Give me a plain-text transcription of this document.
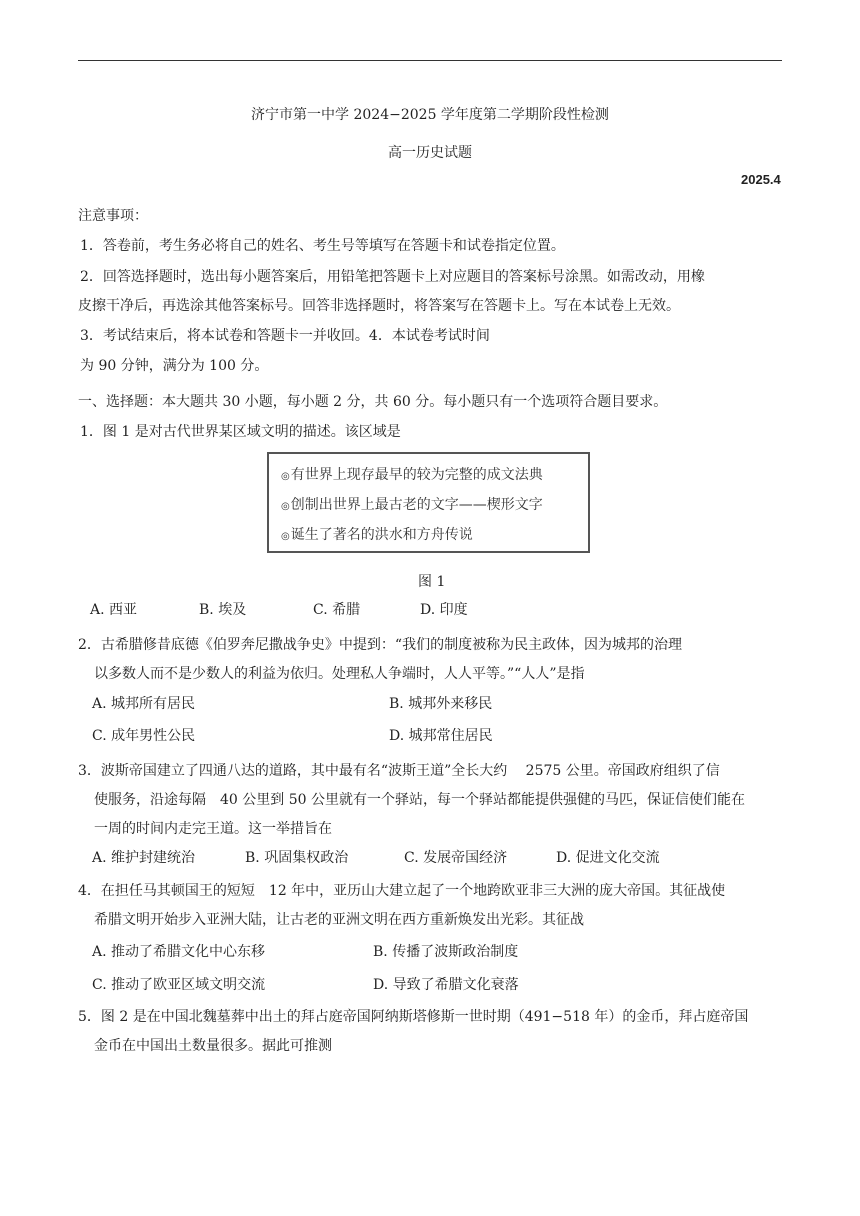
济宁市第一中学 2024−2025 学年度第二学期阶段性检测
高一历史试题
2025.4
注意事项：
1．答卷前，考生务必将自己的姓名、考生号等填写在答题卡和试卷指定位置。
2．回答选择题时，选出每小题答案后，用铅笔把答题卡上对应题目的答案标号涂黑。如需改动，用橡
皮擦干净后，再选涂其他答案标号。回答非选择题时，将答案写在答题卡上。写在本试卷上无效。
3．考试结束后，将本试卷和答题卡一并收回。4．本试卷考试时间
为 90 分钟，满分为 100 分。
一、选择题：本大题共 30 小题，每小题 2 分，共 60 分。每小题只有一个选项符合题目要求。
1．图 1 是对古代世界某区域文明的描述。该区域是
◎有世界上现存最早的较为完整的成文法典
◎创制出世界上最古老的文字——楔形文字
◎诞生了著名的洪水和方舟传说
图 1
A. 西亚	B. 埃及	C. 希腊	D. 印度
2．古希腊修昔底德《伯罗奔尼撒战争史》中提到：“我们的制度被称为民主政体，因为城邦的治理
以多数人而不是少数人的利益为依归。处理私人争端时，人人平等。”“人人”是指
A. 城邦所有居民	B. 城邦外来移民
C. 成年男性公民	D. 城邦常住居民
3．波斯帝国建立了四通八达的道路，其中最有名“波斯王道”全长大约　 2575 公里。帝国政府组织了信
使服务，沿途每隔　40 公里到 50 公里就有一个驿站，每一个驿站都能提供强健的马匹，保证信使们能在
一周的时间内走完王道。这一举措旨在
A. 维护封建统治	B. 巩固集权政治	C. 发展帝国经济	D. 促进文化交流
4．在担任马其顿国王的短短　12 年中，亚历山大建立起了一个地跨欧亚非三大洲的庞大帝国。其征战使
希腊文明开始步入亚洲大陆，让古老的亚洲文明在西方重新焕发出光彩。其征战
A. 推动了希腊文化中心东移	B. 传播了波斯政治制度
C. 推动了欧亚区域文明交流	D. 导致了希腊文化衰落
5．图 2 是在中国北魏墓葬中出土的拜占庭帝国阿纳斯塔修斯一世时期（491−518 年）的金币，拜占庭帝国
金币在中国出土数量很多。据此可推测
